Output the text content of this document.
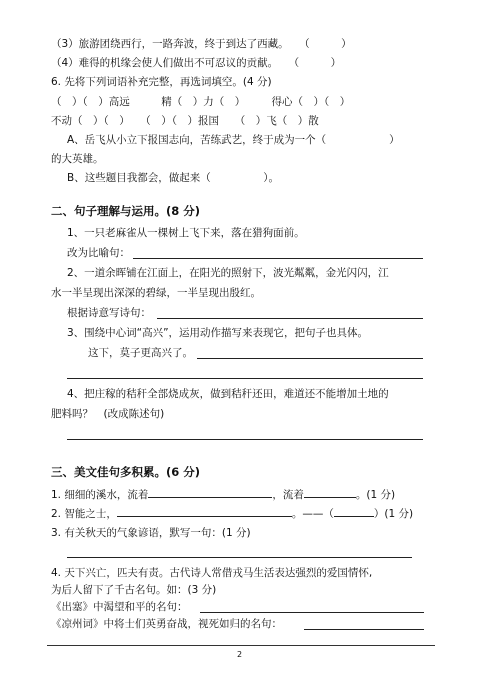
（3）旅游团绕西行，一路奔波，终于到达了西藏。　　（　　　）
（4）难得的机缘会使人们做出不可忍议的贡献。　　（　　　）
6. 先将下列词语补充完整，再选词填空。(4 分)
（　）（　）高远　　　精（　）力（　）　　　得心（　）（　）
不动（　）（　）　　（　）（　）报国　　（　）飞（　）散
A、岳飞从小立下报国志向，苦练武艺，终于成为一个（　　　　　　）
的大英雄。
B、这些题目我都会，做起来（　　　　　）。
二、句子理解与运用。(8 分)
1、一只老麻雀从一棵树上飞下来，落在猎狗面前。
改为比喻句：
2、一道余晖铺在江面上，在阳光的照射下，波光粼粼，金光闪闪，江
水一半呈现出深深的碧绿，一半呈现出殷红。
根据诗意写诗句：
3、围绕中心词“高兴”，运用动作描写来表现它，把句子也具体。
这下，莫子更高兴了。
4、把庄稼的秸秆全部烧成灰，做到秸秆还田，难道还不能增加土地的
肥料吗？　(改成陈述句)
三、美文佳句多积累。(6 分)
1. 细细的溪水，流着	，流着	。(1 分)
2. 智能之士，	。——（	）(1 分)
3. 有关秋天的气象谚语，默写一句：(1 分)
4. 天下兴亡，匹夫有责。古代诗人常借戎马生活表达强烈的爱国情怀,
为后人留下了千古名句。如：(3 分)
《出塞》中渴望和平的名句：
《凉州词》中将士们英勇奋战，视死如归的名句：
2
